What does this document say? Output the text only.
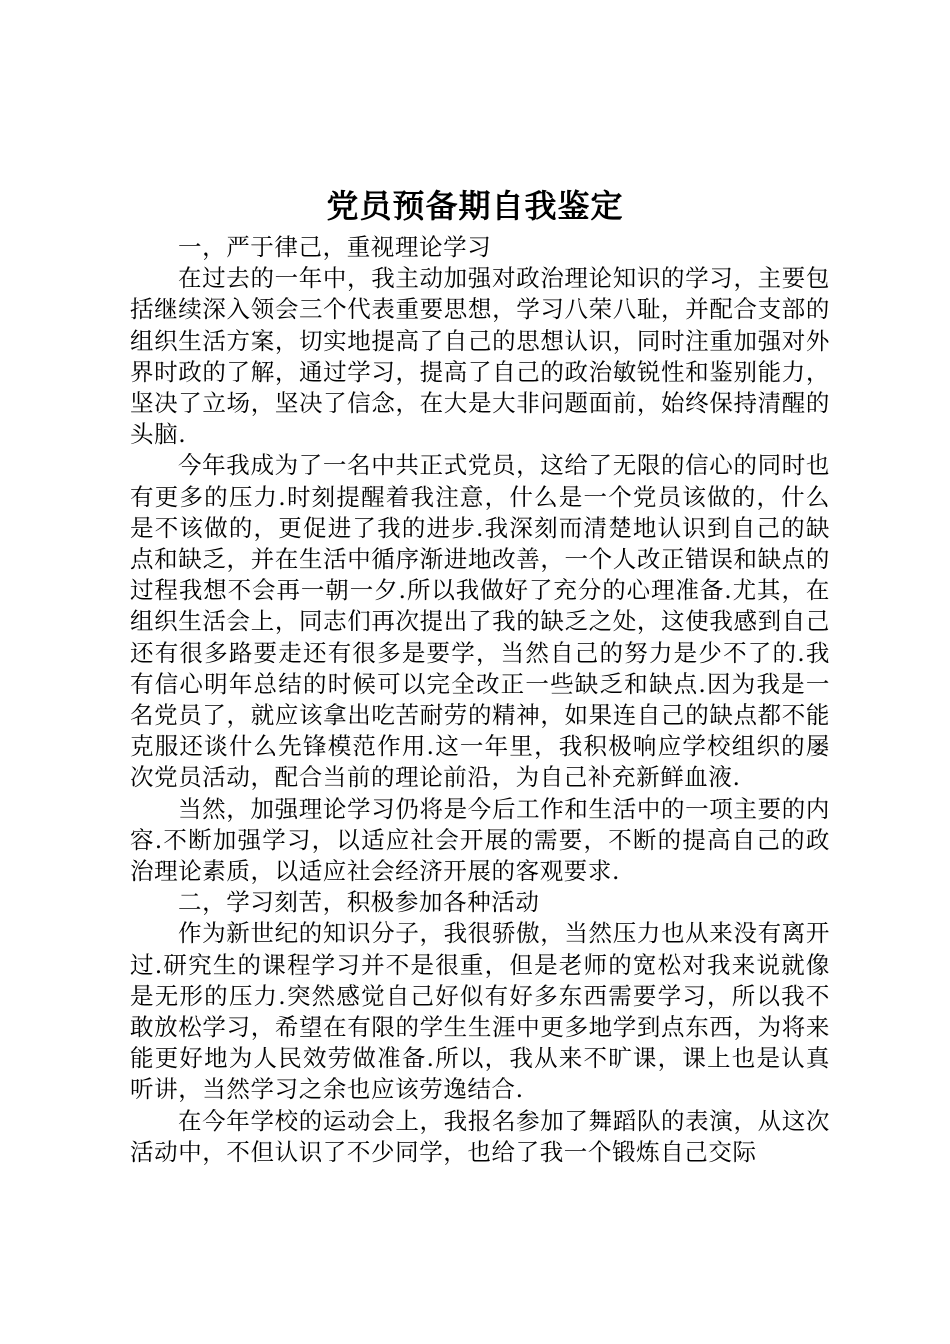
党员预备期自我鉴定

一，严于律己，重视理论学习

在过去的一年中，我主动加强对政治理论知识的学习，主要包括继续深入领会三个代表重要思想，学习八荣八耻，并配合支部的组织生活方案，切实地提高了自己的思想认识，同时注重加强对外界时政的了解，通过学习，提高了自己的政治敏锐性和鉴别能力，坚决了立场，坚决了信念，在大是大非问题面前，始终保持清醒的头脑.

今年我成为了一名中共正式党员，这给了无限的信心的同时也有更多的压力.时刻提醒着我注意，什么是一个党员该做的，什么是不该做的，更促进了我的进步.我深刻而清楚地认识到自己的缺点和缺乏，并在生活中循序渐进地改善，一个人改正错误和缺点的过程我想不会再一朝一夕.所以我做好了充分的心理准备.尤其，在组织生活会上，同志们再次提出了我的缺乏之处，这使我感到自己还有很多路要走还有很多是要学，当然自己的努力是少不了的.我有信心明年总结的时候可以完全改正一些缺乏和缺点.因为我是一名党员了，就应该拿出吃苦耐劳的精神，如果连自己的缺点都不能克服还谈什么先锋模范作用.这一年里，我积极响应学校组织的屡次党员活动，配合当前的理论前沿，为自己补充新鲜血液.

当然，加强理论学习仍将是今后工作和生活中的一项主要的内容.不断加强学习，以适应社会开展的需要，不断的提高自己的政治理论素质，以适应社会经济开展的客观要求.

二，学习刻苦，积极参加各种活动

作为新世纪的知识分子，我很骄傲，当然压力也从来没有离开过.研究生的课程学习并不是很重，但是老师的宽松对我来说就像是无形的压力.突然感觉自己好似有好多东西需要学习，所以我不敢放松学习，希望在有限的学生生涯中更多地学到点东西，为将来能更好地为人民效劳做准备.所以，我从来不旷课，课上也是认真听讲，当然学习之余也应该劳逸结合.

在今年学校的运动会上，我报名参加了舞蹈队的表演，从这次活动中，不但认识了不少同学，也给了我一个锻炼自己交际
